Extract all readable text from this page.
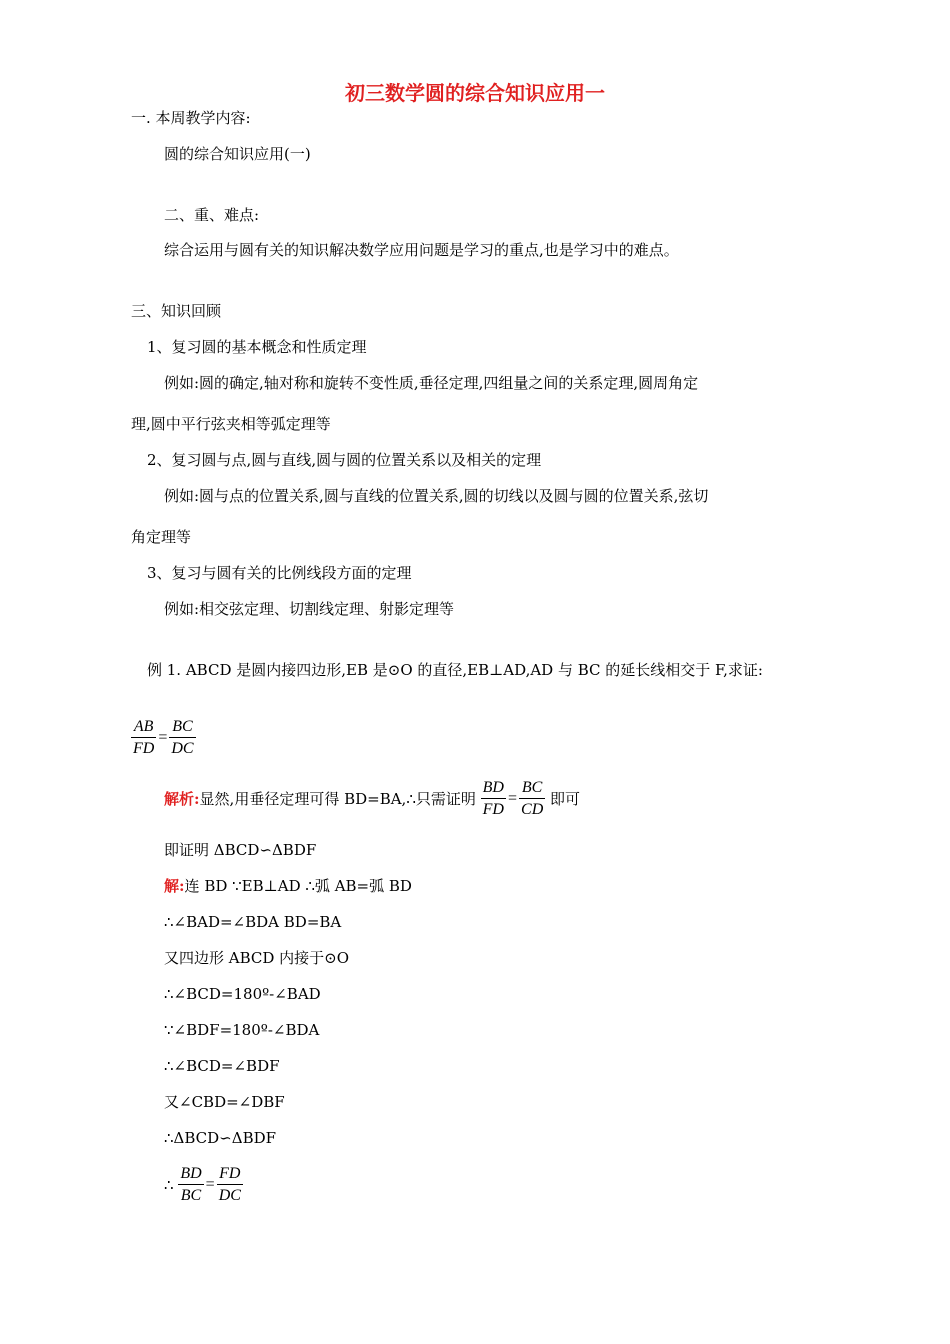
初三数学圆的综合知识应用一
一. 本周教学内容:
圆的综合知识应用(一)
二、重、难点:
综合运用与圆有关的知识解决数学应用问题是学习的重点,也是学习中的难点。
三、知识回顾
1、复习圆的基本概念和性质定理
例如:圆的确定,轴对称和旋转不变性质,垂径定理,四组量之间的关系定理,圆周角定
理,圆中平行弦夹相等弧定理等
2、复习圆与点,圆与直线,圆与圆的位置关系以及相关的定理
例如:圆与点的位置关系,圆与直线的位置关系,圆的切线以及圆与圆的位置关系,弦切
角定理等
3、复习与圆有关的比例线段方面的定理
例如:相交弦定理、切割线定理、射影定理等
例 1. ABCD 是圆内接四边形,EB 是⊙O 的直径,EB⊥AD,AD 与 BC 的延长线相交于 F,求证:
$\frac{AB}{FD} = \frac{BC}{DC}$
解析:显然,用垂径定理可得 BD=BA,∴只需证明 $\frac{BD}{FD} = \frac{BC}{CD}$ 即可
即证明 ΔBCD∽ΔBDF
解:连 BD ∵EB⊥AD ∴弧 AB=弧 BD
∴∠BAD=∠BDA BD=BA
又四边形 ABCD 内接于⊙O
∴∠BCD=180º-∠BAD
∵∠BDF=180º-∠BDA
∴∠BCD=∠BDF
又∠CBD=∠DBF
∴ΔBCD∽ΔBDF
∴ $\frac{BD}{BC} = \frac{FD}{DC}$
